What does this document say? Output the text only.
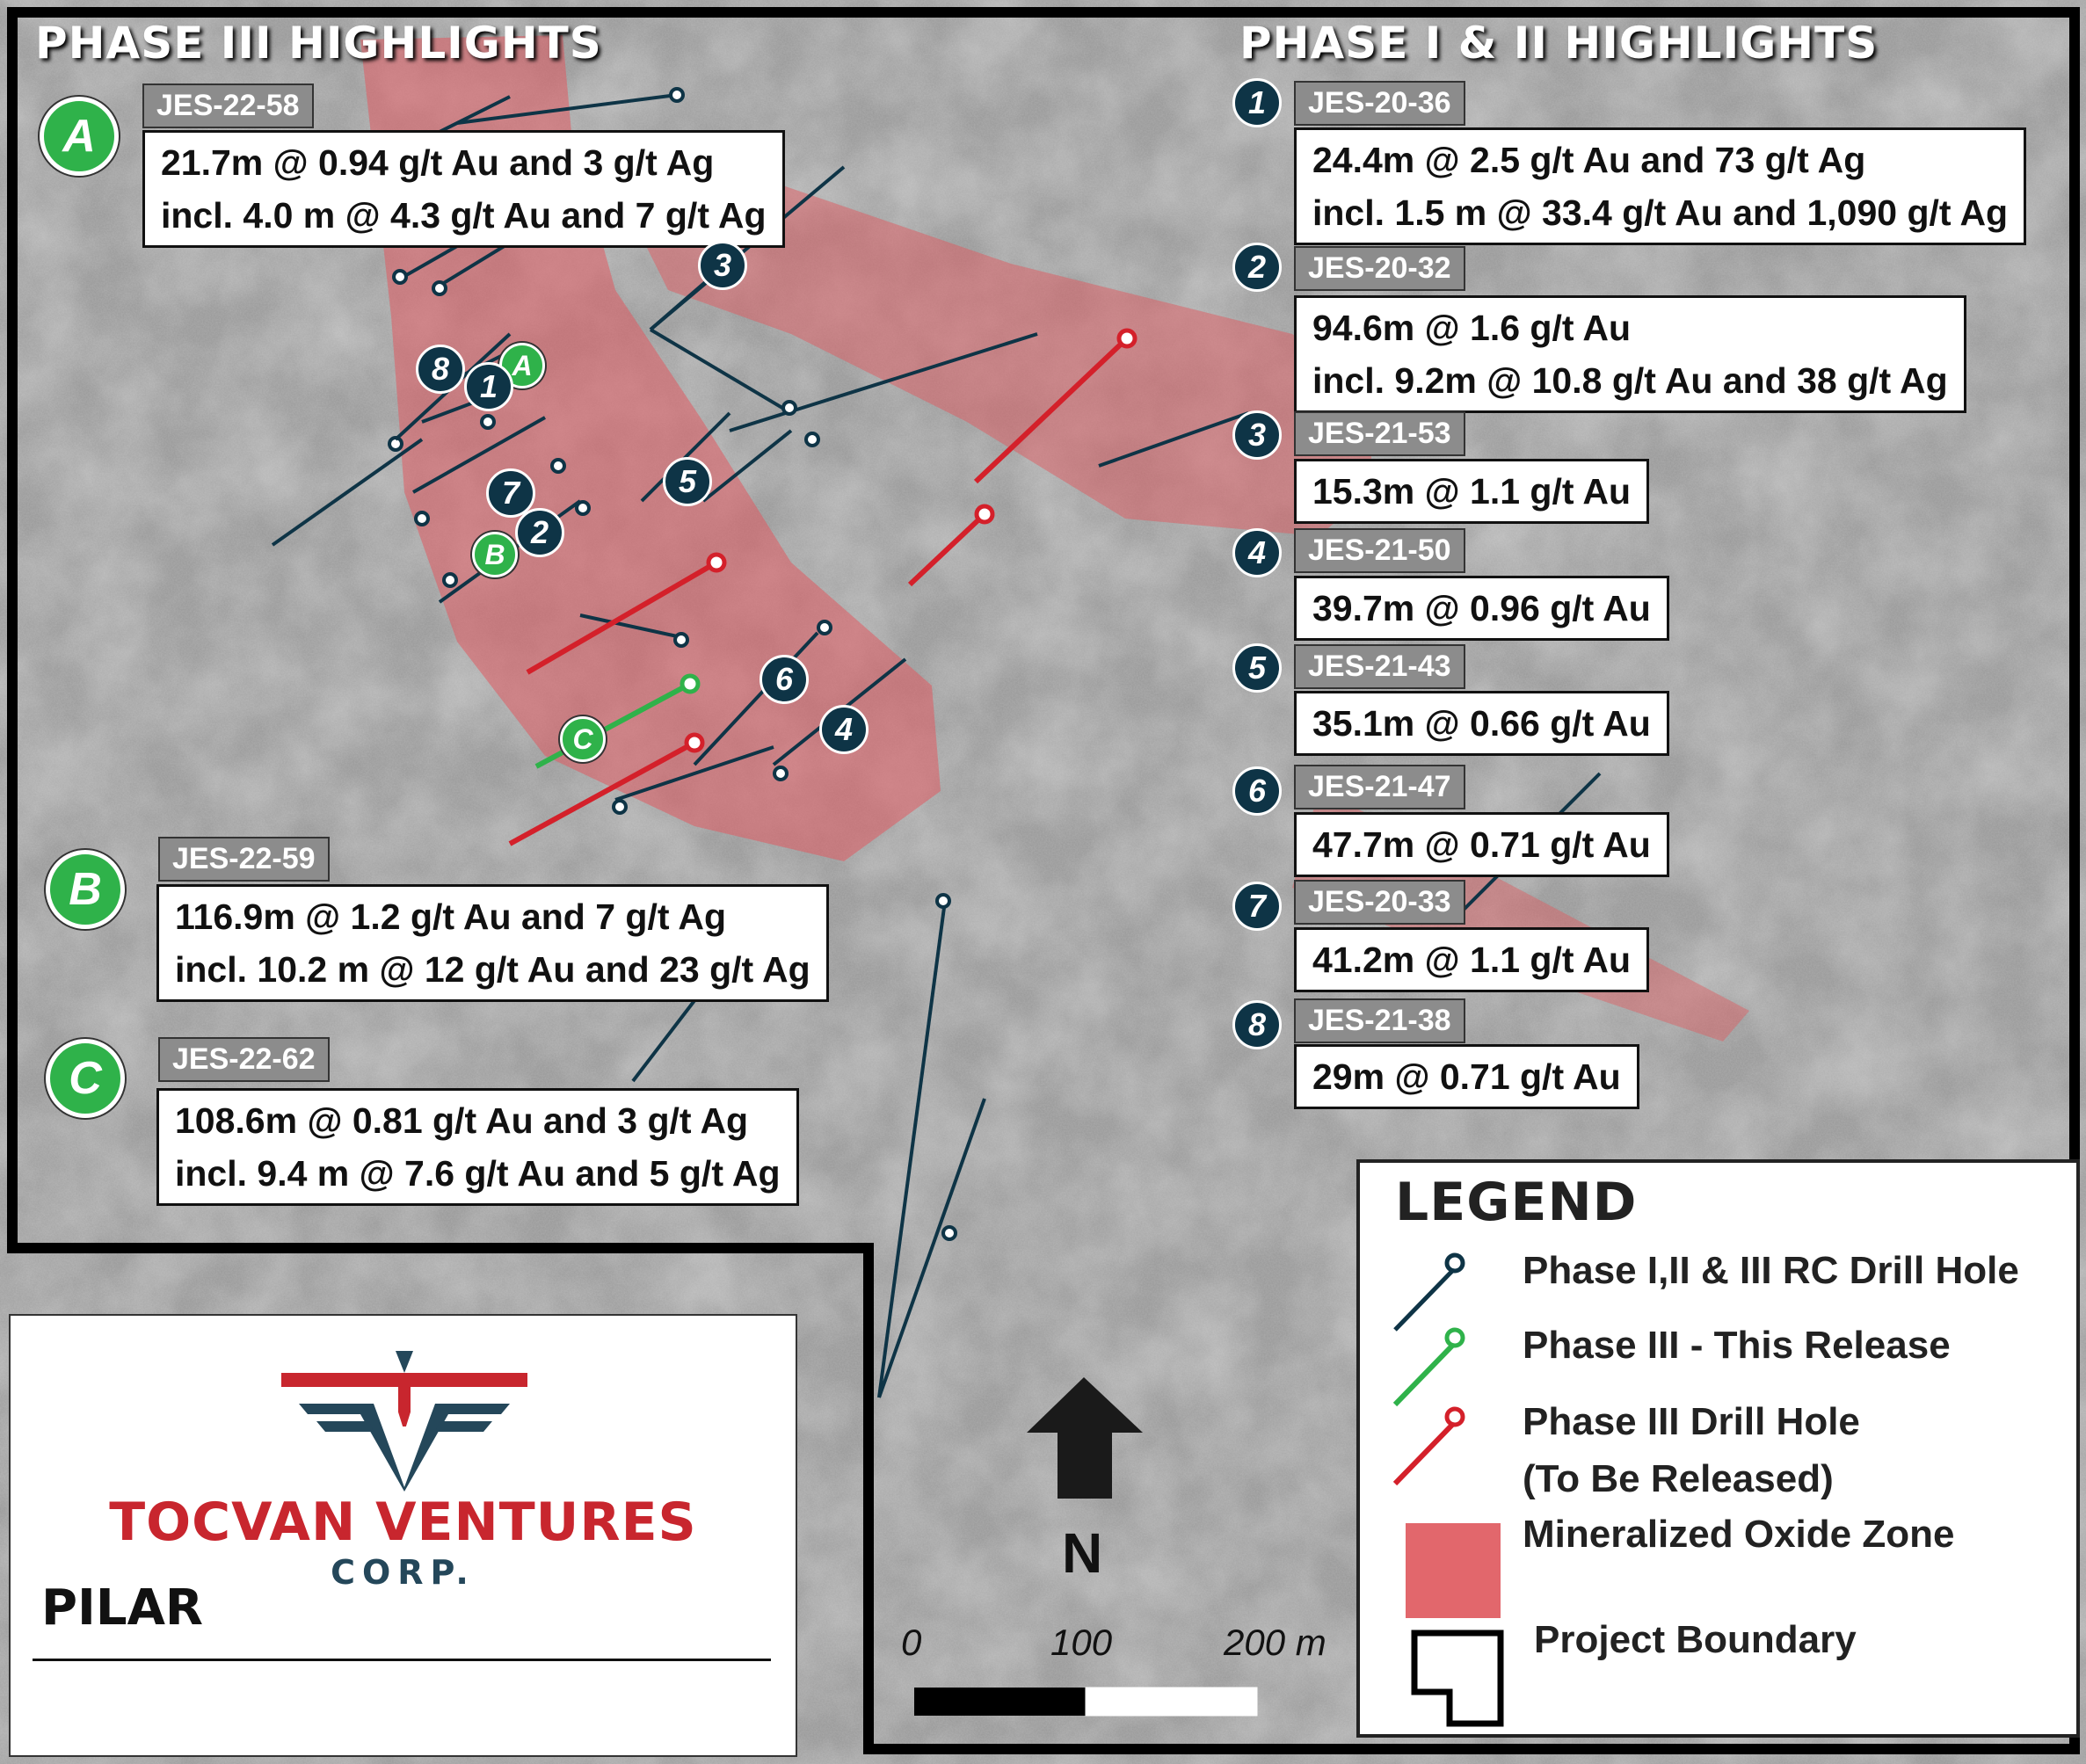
TOCVAN VENTURES
CORP.
PILAR
PHASE III HIGHLIGHTS	PHASE I & II HIGHLIGHTS
A
JES-22-58
21.7m @ 0.94 g/t Au and 3 g/t Ag
incl. 4.0 m @ 4.3 g/t Au and 7 g/t Ag
B
JES-22-59
116.9m @ 1.2 g/t Au and 7 g/t Ag
incl. 10.2 m @ 12 g/t Au and 23 g/t Ag
C	JES-22-62
108.6m @ 0.81 g/t Au and 3 g/t Ag
incl. 9.4 m @ 7.6 g/t Au and 5 g/t Ag
1	JES-20-36
24.4m @ 2.5 g/t Au and 73 g/t Ag
incl. 1.5 m @ 33.4 g/t Au and 1,090 g/t Ag
2	JES-20-32
94.6m @ 1.6 g/t Au
incl. 9.2m @ 10.8 g/t Au and 38 g/t Ag
3	JES-21-53
15.3m @ 1.1 g/t Au
4	JES-21-50
39.7m @ 0.96 g/t Au
5	JES-21-43
35.1m @ 0.66 g/t Au
6	JES-21-47
47.7m @ 0.71 g/t Au
7	JES-20-33
41.2m @ 1.1 g/t Au
8	JES-21-38
29m @ 0.71 g/t Au
A
B
C
1
2
3
4
5
6
7
8
N
0	100	200 m
LEGEND
Phase I,II & III RC Drill Hole
Phase III - This Release
Phase III Drill Hole
(To Be Released)
Mineralized Oxide Zone
Project Boundary
